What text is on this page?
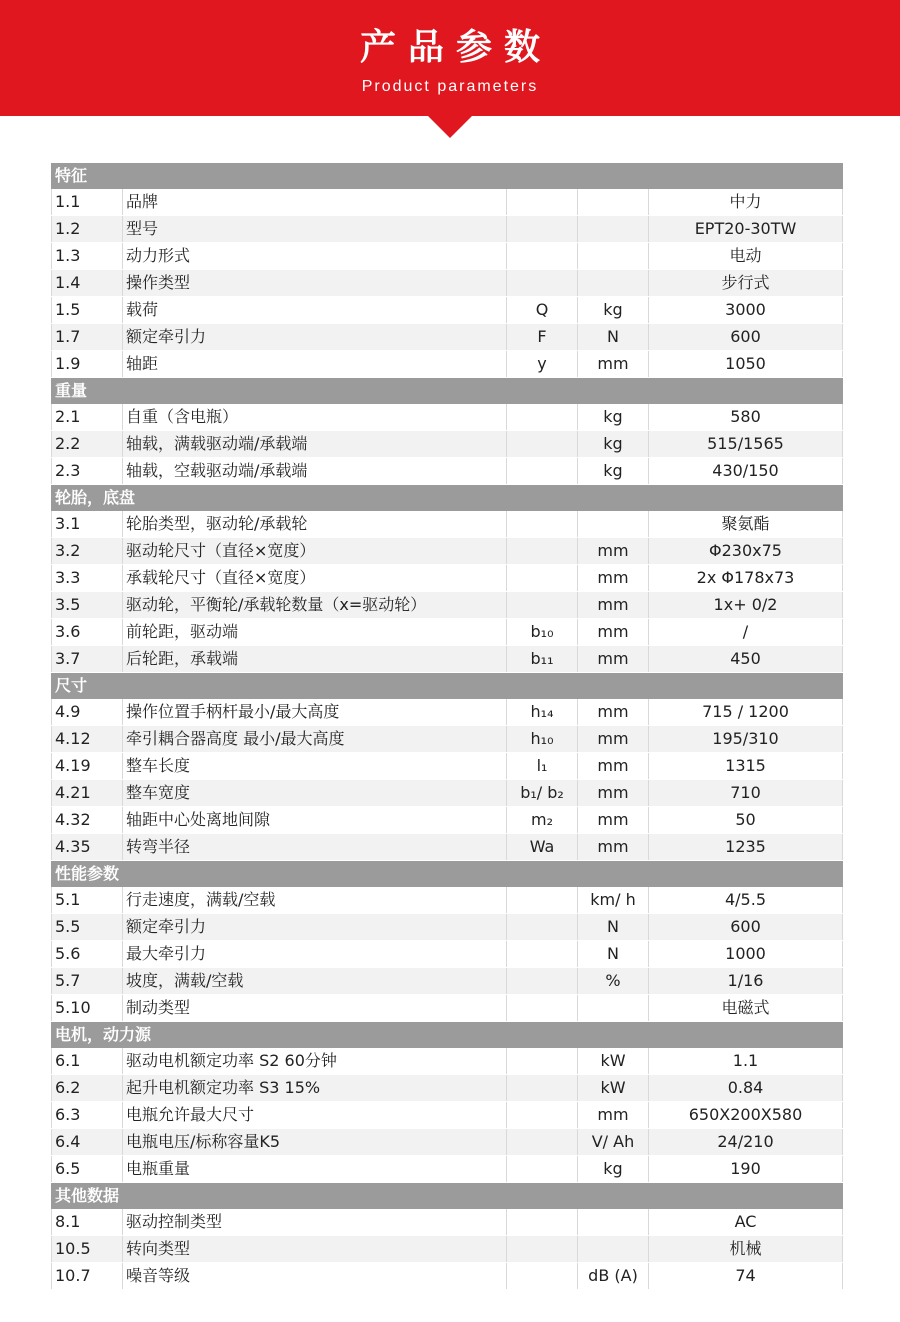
产品参数
Product parameters
特征				
1.1	品牌			中力
1.2	型号			EPT20-30TW
1.3	动力形式			电动
1.4	操作类型			步行式
1.5	载荷	Q	kg	3000
1.7	额定牵引力	F	N	600
1.9	轴距	y	mm	1050
重量				
2.1	自重（含电瓶）		kg	580
2.2	轴载，满载驱动端/承载端		kg	515/1565
2.3	轴载，空载驱动端/承载端		kg	430/150
轮胎，底盘				
3.1	轮胎类型，驱动轮/承载轮			聚氨酯
3.2	驱动轮尺寸（直径×宽度）		mm	Φ230x75
3.3	承载轮尺寸（直径×宽度）		mm	2x Φ178x73
3.5	驱动轮，平衡轮/承载轮数量（x=驱动轮）		mm	1x+ 0/2
3.6	前轮距，驱动端	b₁₀	mm	/
3.7	后轮距，承载端	b₁₁	mm	450
尺寸				
4.9	操作位置手柄杆最小/最大高度	h₁₄	mm	715 / 1200
4.12	牵引耦合器高度 最小/最大高度	h₁₀	mm	195/310
4.19	整车长度	l₁	mm	1315
4.21	整车宽度	b₁/ b₂	mm	710
4.32	轴距中心处离地间隙	m₂	mm	50
4.35	转弯半径	Wa	mm	1235
性能参数				
5.1	行走速度，满载/空载		km/ h	4/5.5
5.5	额定牵引力		N	600
5.6	最大牵引力		N	1000
5.7	坡度，满载/空载		%	1/16
5.10	制动类型			电磁式
电机，动力源				
6.1	驱动电机额定功率 S2 60分钟		kW	1.1
6.2	起升电机额定功率 S3 15%		kW	0.84
6.3	电瓶允许最大尺寸		mm	650X200X580
6.4	电瓶电压/标称容量K5		V/ Ah	24/210
6.5	电瓶重量		kg	190
其他数据				
8.1	驱动控制类型			AC
10.5	转向类型			机械
10.7	噪音等级		dB (A)	74
